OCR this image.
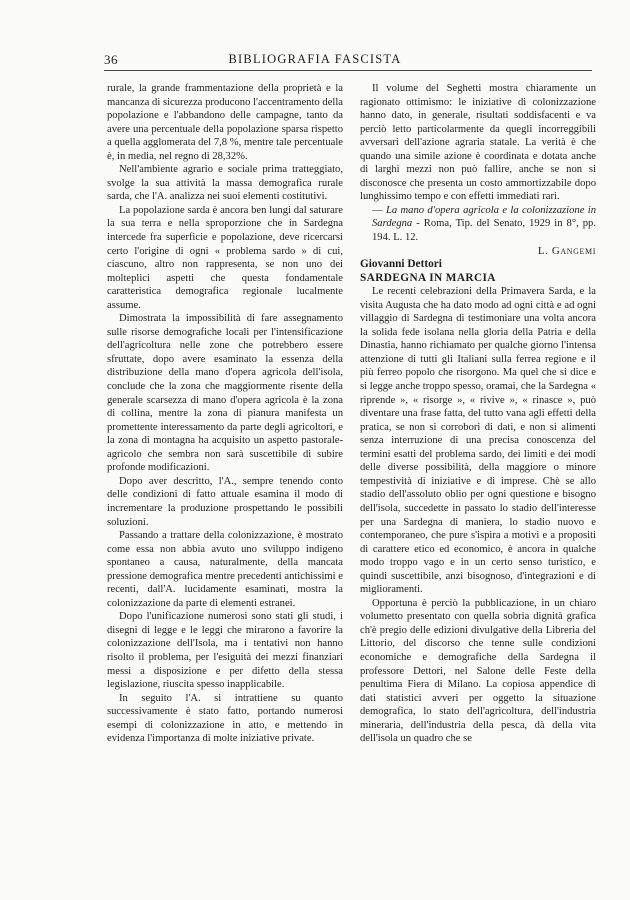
36	BIBLIOGRAFIA FASCISTA

rurale, la grande frammentazione della proprietà e la mancanza di sicurezza producono l'accentramento della popolazione e l'abbandono delle campagne, tanto da avere una percentuale della popolazione sparsa rispetto a quella agglomerata del 7,8 %, mentre tale percentuale è, in media, nel regno di 28,32%.

Nell'ambiente agrario e sociale prima tratteggiato, svolge la sua attività la massa demografica rurale sarda, che l'A. analizza nei suoi elementi costitutivi.

La popolazione sarda è ancora ben lungi dal saturare la sua terra e nella sproporzione che in Sardegna intercede fra superficie e popolazione, deve ricercarsi certo l'origine di ogni « problema sardo » di cui, ciascuno, altro non rappresenta, se non uno dei molteplici aspetti che questa fondamentale caratteristica demografica regionale lucalmente assume.

Dimostrata la impossibilità di fare assegnamento sulle risorse demografiche locali per l'intensificazione dell'agricoltura nelle zone che potrebbero essere sfruttate, dopo avere esaminato la essenza della distribuzione della mano d'opera agricola dell'isola, conclude che la zona che maggiormente risente della generale scarsezza di mano d'opera agricola è la zona di collina, mentre la zona di pianura manifesta un promettente interessamento da parte degli agricoltori, e la zona di montagna ha acquisito un aspetto pastorale-agricolo che sembra non sarà suscettibile di subire profonde modificazioni.

Dopo aver descritto, l'A., sempre tenendo conto delle condizioni di fatto attuale esamina il modo di incrementare la produzione prospettando le possibili soluzioni.

Passando a trattare della colonizzazione, è mostrato come essa non abbia avuto uno sviluppo indigeno spontaneo a causa, naturalmente, della mancata pressione demografica mentre precedenti antichissimi e recenti, dall'A. lucidamente esaminati, mostra la colonizzazione da parte di elementi estranei.

Dopo l'unificazione numerosi sono stati gli studi, i disegni di legge e le leggi che mirarono a favorire la colonizzazione dell'Isola, ma i tentativi non hanno risolto il problema, per l'esiguità dei mezzi finanziari messi a disposizione e per difetto della stessa legislazione, riuscita spesso inapplicabile.

In seguito l'A. si intrattiene su quanto successivamente è stato fatto, portando numerosi esempi di colonizzazione in atto, e mettendo in evidenza l'importanza di molte iniziative private.

Il volume del Seghetti mostra chiaramente un ragionato ottimismo: le iniziative di colonizzazione hanno dato, in generale, risultati soddisfacenti e va perciò letto particolarmente da quegli incorreggibili avversari dell'azione agraria statale. La verità è che quando una simile azione è coordinata e dotata anche di larghi mezzi non può fallire, anche se non si disconosce che presenta un costo ammortizzabile dopo lunghissimo tempo e con effetti immediati rari.

— La mano d'opera agricola e la colonizzazione in Sardegna - Roma, Tip. del Senato, 1929 in 8°, pp. 194. L. 12.

L. Gangemi

Giovanni Dettori

SARDEGNA IN MARCIA

Le recenti celebrazioni della Primavera Sarda, e la visita Augusta che ha dato modo ad ogni città e ad ogni villaggio di Sardegna di testimoniare una volta ancora la solida fede isolana nella gloria della Patria e della Dinastia, hanno richiamato per qualche giorno l'intensa attenzione di tutti gli Italiani sulla ferrea regione e il più ferreo popolo che risorgono. Ma quel che si dice e si legge anche troppo spesso, oramai, che la Sardegna « riprende », « risorge », « rivive », « rinasce », può diventare una frase fatta, del tutto vana agli effetti della pratica, se non si corrobori di dati, e non si alimenti senza interruzione di una precisa conoscenza del termini esatti del problema sardo, dei limiti e dei modi delle diverse possibilità, della maggiore o minore tempestività di iniziative e di imprese. Chè se allo stadio dell'assoluto oblio per ogni questione e bisogno dell'isola, succedette in passato lo stadio dell'interesse per una Sardegna di maniera, lo stadio nuovo e contemporaneo, che pure s'ispira a motivi e a propositi di carattere etico ed economico, è ancora in qualche modo troppo vago e in un certo senso turistico, e quindi suscettibile, anzi bisognoso, d'integrazioni e di miglioramenti.

Opportuna è perciò la pubblicazione, in un chiaro volumetto presentato con quella sobria dignità grafica ch'è pregio delle edizioni divulgative della Libreria del Littorio, del discorso che tenne sulle condizioni economiche e demografiche della Sardegna il professore Dettori, nel Salone delle Feste della penultima Fiera di Milano. La copiosa appendice di dati statistici avveri per oggetto la situazione demografica, lo stato dell'agricoltura, dell'industria mineraria, dell'industria della pesca, dà della vita dell'isola un quadro che se
